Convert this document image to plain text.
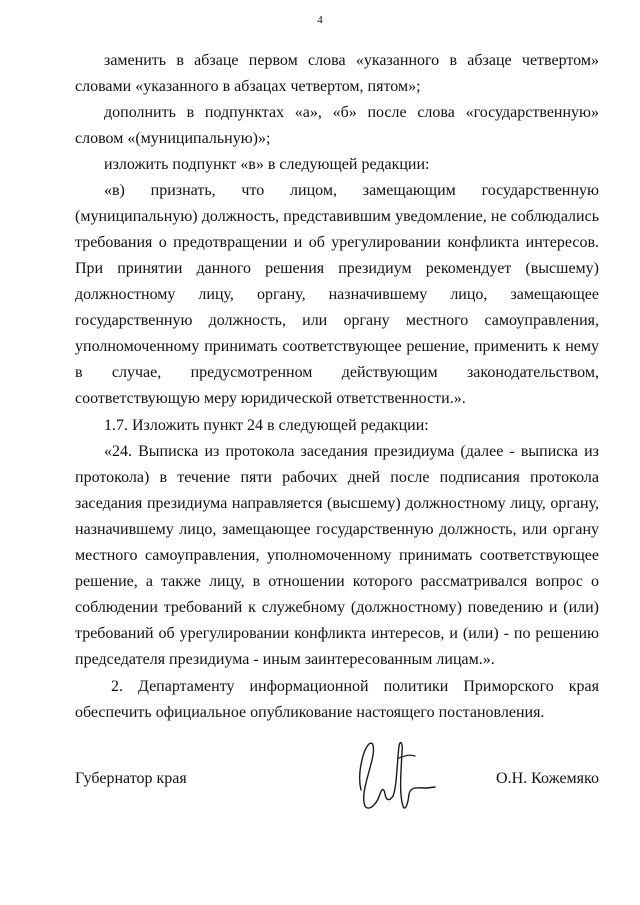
4

заменить в абзаце первом слова «указанного в абзаце четвертом» словами «указанного в абзацах четвертом, пятом»;

дополнить в подпунктах «а», «б» после слова «государственную» словом «(муниципальную)»;

изложить подпункт «в» в следующей редакции:

«в) признать, что лицом, замещающим государственную (муниципальную) должность, представившим уведомление, не соблюдались требования о предотвращении и об урегулировании конфликта интересов. При принятии данного решения президиум рекомендует (высшему) должностному лицу, органу, назначившему лицо, замещающее государственную должность, или органу местного самоуправления, уполномоченному принимать соответствующее решение, применить к нему в случае, предусмотренном действующим законодательством, соответствующую меру юридической ответственности.».

1.7. Изложить пункт 24 в следующей редакции:

«24. Выписка из протокола заседания президиума (далее - выписка из протокола) в течение пяти рабочих дней после подписания протокола заседания президиума направляется (высшему) должностному лицу, органу, назначившему лицо, замещающее государственную должность, или органу местного самоуправления, уполномоченному принимать соответствующее решение, а также лицу, в отношении которого рассматривался вопрос о соблюдении требований к служебному (должностному) поведению и (или) требований об урегулировании конфликта интересов, и (или) - по решению председателя президиума - иным заинтересованным лицам.».

2. Департаменту информационной политики Приморского края обеспечить официальное опубликование настоящего постановления.

Губернатор края	О.Н. Кожемяко
